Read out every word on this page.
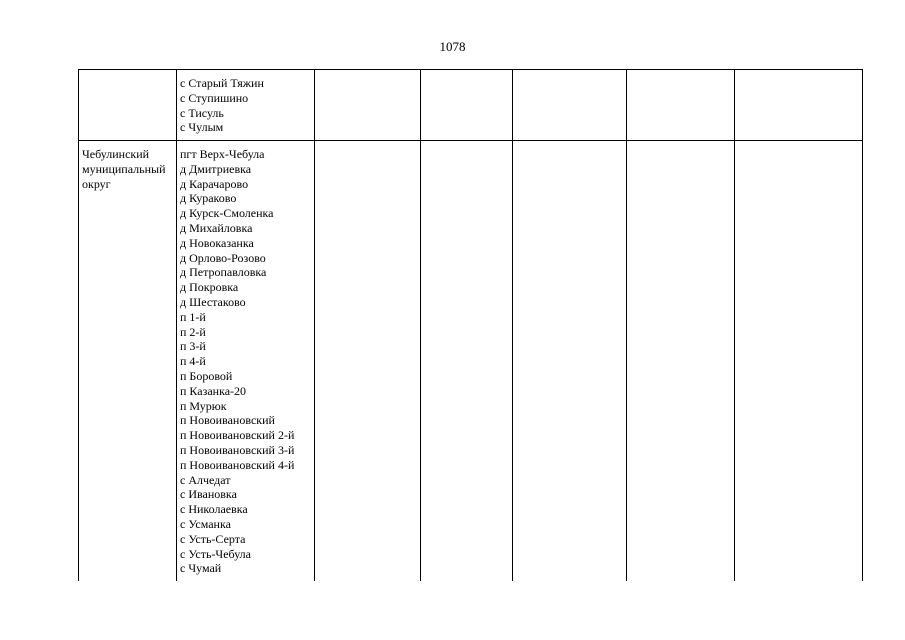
1078
с Старый Тяжин
с Ступишино
с Тисуль
с Чулым
Чебулинский муниципальный округ
пгт Верх-Чебула
д Дмитриевка
д Карачарово
д Кураково
д Курск-Смоленка
д Михайловка
д Новоказанка
д Орлово-Розово
д Петропавловка
д Покровка
д Шестаково
п 1-й
п 2-й
п 3-й
п 4-й
п Боровой
п Казанка-20
п Мурюк
п Новоивановский
п Новоивановский 2-й
п Новоивановский 3-й
п Новоивановский 4-й
с Алчедат
с Ивановка
с Николаевка
с Усманка
с Усть-Серта
с Усть-Чебула
с Чумай
